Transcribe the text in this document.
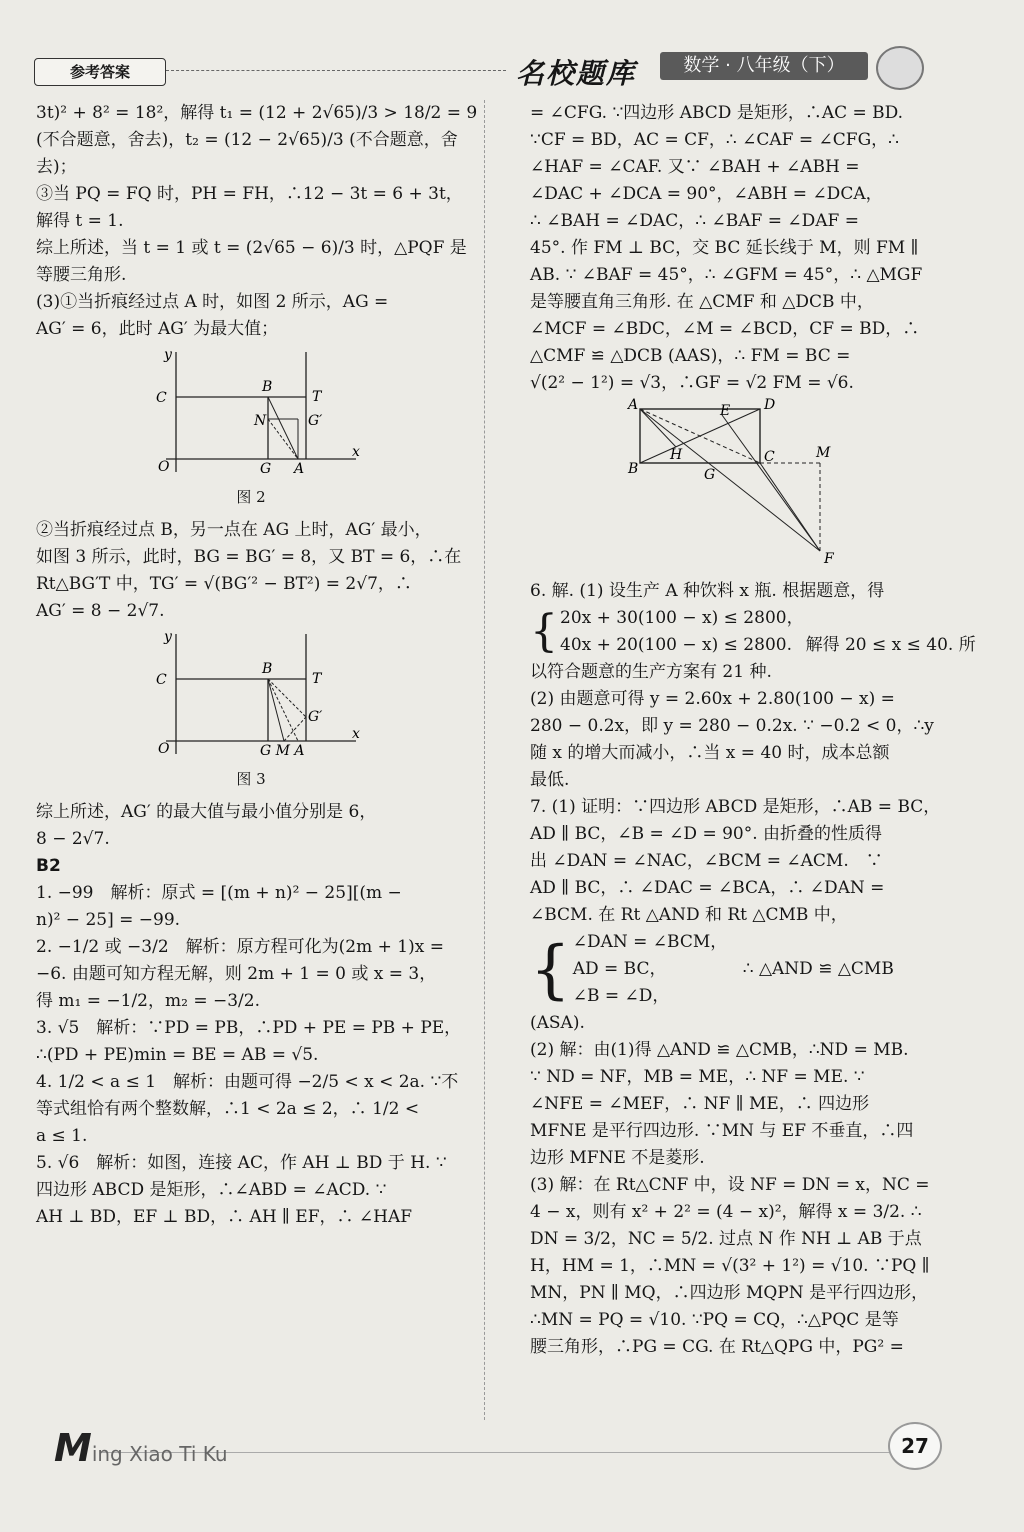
参考答案	名校题库	数学 · 八年级（下）
3t)² + 8² = 18²，解得 t₁ = (12 + 2√65)/3 > 18/2 = 9
(不合题意，舍去)，t₂ = (12 − 2√65)/3 (不合题意，舍
去)；
③当 PQ = FQ 时，PH = FH，∴12 − 3t = 6 + 3t，
解得 t = 1.
综上所述，当 t = 1 或 t = (2√65 − 6)/3 时，△PQF 是
等腰三角形.
(3)①当折痕经过点 A 时，如图 2 所示，AG =
AG′ = 6，此时 AG′ 为最大值；
y
x
O
C
B
T
N	G′
G A
图 2
②当折痕经过点 B，另一点在 AG 上时，AG′ 最小，
如图 3 所示，此时，BG = BG′ = 8，又 BT = 6，∴在
Rt△BG′T 中，TG′ = √(BG′² − BT²) = 2√7，∴
AG′ = 8 − 2√7.
y
x
O
C
B
T
G′
G M A
图 3
综上所述，AG′ 的最大值与最小值分别是 6，
8 − 2√7.
B2
1. −99　解析：原式 = [(m + n)² − 25][(m −
n)² − 25] = −99.
2. −1/2 或 −3/2　解析：原方程可化为(2m + 1)x =
−6. 由题可知方程无解，则 2m + 1 = 0 或 x = 3，
得 m₁ = −1/2，m₂ = −3/2.
3. √5　解析：∵PD = PB，∴PD + PE = PB + PE，
∴(PD + PE)min = BE = AB = √5.
4. 1/2 < a ≤ 1　解析：由题可得 −2/5 < x < 2a. ∵不
等式组恰有两个整数解，∴1 < 2a ≤ 2，∴ 1/2 <
a ≤ 1.
5. √6　解析：如图，连接 AC，作 AH ⊥ BD 于 H. ∵
四边形 ABCD 是矩形，∴∠ABD = ∠ACD. ∵
AH ⊥ BD，EF ⊥ BD，∴ AH ∥ EF，∴ ∠HAF
= ∠CFG. ∵四边形 ABCD 是矩形，∴AC = BD.
∵CF = BD，AC = CF，∴ ∠CAF = ∠CFG，∴
∠HAF = ∠CAF. 又∵ ∠BAH + ∠ABH =
∠DAC + ∠DCA = 90°，∠ABH = ∠DCA，
∴ ∠BAH = ∠DAC，∴ ∠BAF = ∠DAF =
45°. 作 FM ⊥ BC，交 BC 延长线于 M，则 FM ∥
AB. ∵ ∠BAF = 45°，∴ ∠GFM = 45°，∴ △MGF
是等腰直角三角形. 在 △CMF 和 △DCB 中，
∠MCF = ∠BDC，∠M = ∠BCD，CF = BD，∴
△CMF ≌ △DCB (AAS)，∴ FM = BC =
√(2² − 1²) = √3，∴GF = √2 FM = √6.
A	D
E
H	C	M
B	G
F
6. 解. (1) 设生产 A 种饮料 x 瓶. 根据题意，得
{ 20x + 30(100 − x) ≤ 2800，
40x + 20(100 − x) ≤ 2800. 解得 20 ≤ x ≤ 40. 所
以符合题意的生产方案有 21 种.
(2) 由题意可得 y = 2.60x + 2.80(100 − x) =
280 − 0.2x，即 y = 280 − 0.2x. ∵ −0.2 < 0，∴y
随 x 的增大而减小，∴当 x = 40 时，成本总额
最低.
7. (1) 证明：∵四边形 ABCD 是矩形，∴AB = BC，
AD ∥ BC，∠B = ∠D = 90°. 由折叠的性质得
出 ∠DAN = ∠NAC，∠BCM = ∠ACM.　∵
AD ∥ BC，∴ ∠DAC = ∠BCA，∴ ∠DAN =
∠BCM. 在 Rt △AND 和 Rt △CMB 中，
{ ∠DAN = ∠BCM，
AD = BC，
∠B = ∠D，
∴ △AND ≌ △CMB
(ASA).
(2) 解：由(1)得 △AND ≌ △CMB，∴ND = MB.
∵ ND = NF，MB = ME，∴ NF = ME. ∵
∠NFE = ∠MEF，∴ NF ∥ ME，∴ 四边形
MFNE 是平行四边形. ∵MN 与 EF 不垂直，∴四
边形 MFNE 不是菱形.
(3) 解：在 Rt△CNF 中，设 NF = DN = x，NC =
4 − x，则有 x² + 2² = (4 − x)²，解得 x = 3/2. ∴
DN = 3/2，NC = 5/2. 过点 N 作 NH ⊥ AB 于点
H，HM = 1，∴MN = √(3² + 1²) = √10. ∵PQ ∥
MN，PN ∥ MQ，∴四边形 MQPN 是平行四边形，
∴MN = PQ = √10. ∵PQ = CQ，∴△PQC 是等
腰三角形，∴PG = CG. 在 Rt△QPG 中，PG² =
Ming Xiao Ti Ku	27
